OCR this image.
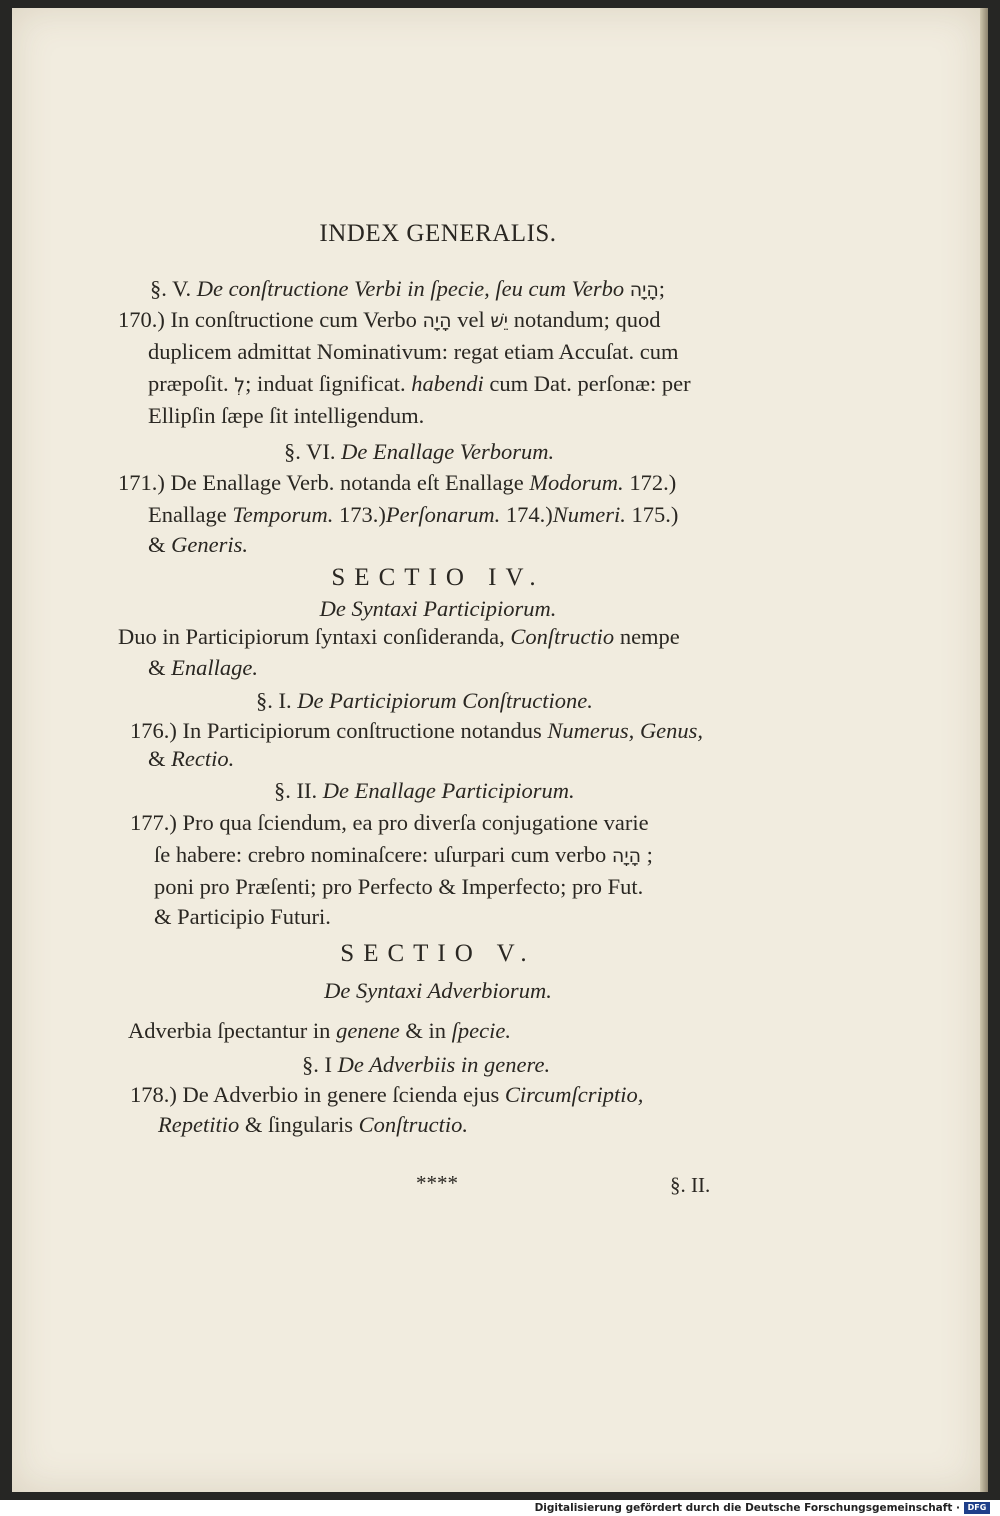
INDEX GENERALIS.
§. V. De conſtructione Verbi in ſpecie, ſeu cum Verbo הָיָה;
170.) In conſtructione cum Verbo הָיָה vel יֵשׁ notandum; quod
duplicem admittat Nominativum: regat etiam Accuſat. cum
præpoſit. לְ; induat ſignificat. habendi cum Dat. perſonæ: per
Ellipſin ſæpe ſit intelligendum.
§. VI. De Enallage Verborum.
171.) De Enallage Verb. notanda eſt Enallage Modorum. 172.)
Enallage Temporum. 173.)Perſonarum. 174.)Numeri. 175.)
& Generis.
SECTIO IV.
De Syntaxi Participiorum.
Duo in Participiorum ſyntaxi conſideranda, Conſtructio nempe
& Enallage.
§. I. De Participiorum Conſtructione.
176.) In Participiorum conſtructione notandus Numerus, Genus,
& Rectio.
§. II. De Enallage Participiorum.
177.) Pro qua ſciendum, ea pro diverſa conjugatione varie
ſe habere: crebro nominaſcere: uſurpari cum verbo הָיָה ;
poni pro Præſenti; pro Perfecto & Imperfecto; pro Fut.
& Participio Futuri.
SECTIO V.
De Syntaxi Adverbiorum.
Adverbia ſpectantur in genene & in ſpecie.
§. I De Adverbiis in genere.
178.) De Adverbio in genere ſcienda ejus Circumſcriptio,
Repetitio & ſingularis Conſtructio.
****	§. II.
Digitalisierung gefördert durch die Deutsche Forschungsgemeinschaft · DFG
